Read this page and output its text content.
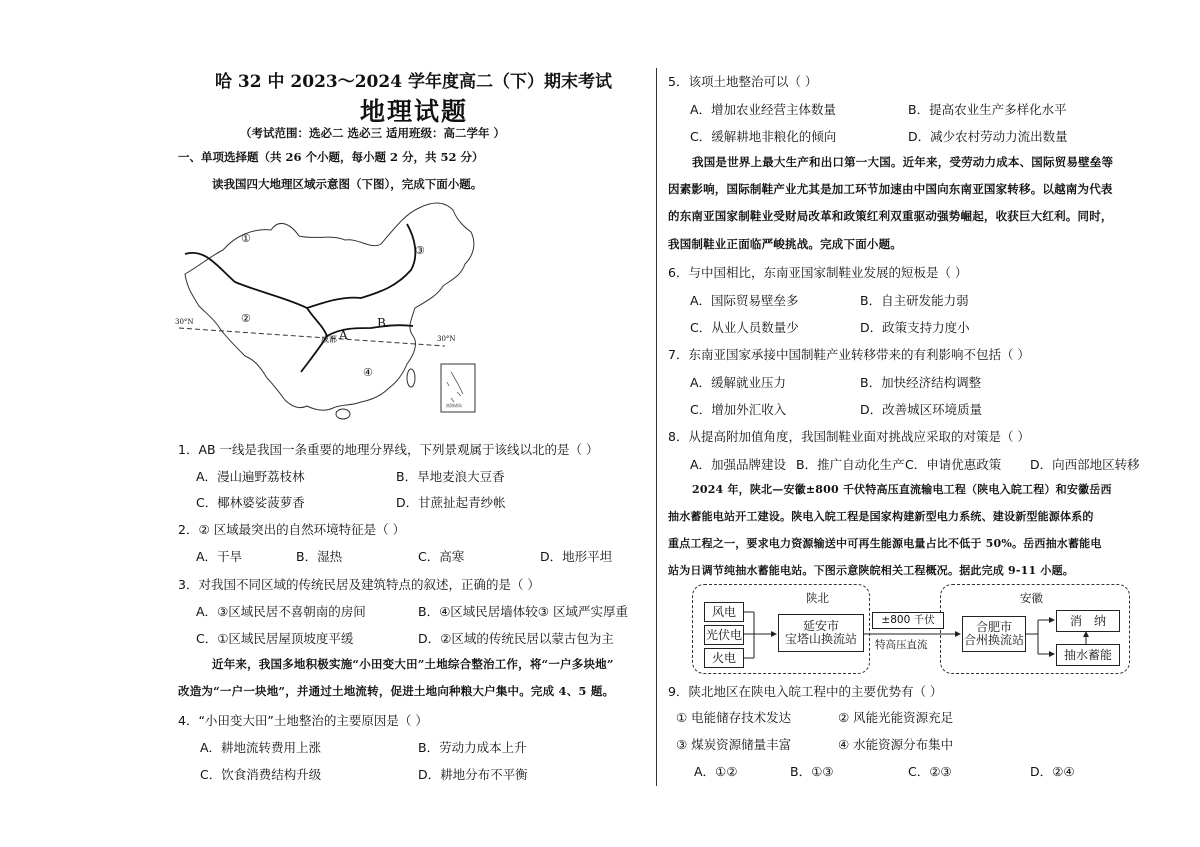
哈 32 中 2023～2024 学年度高二（下）期末考试
地理试题
（考试范围：选必二 选必三 适用班级：高二学年 ）
一、单项选择题（共 26 个小题，每小题 2 分，共 52 分）
读我国四大地理区域示意图（下图），完成下面小题。
①
②
③
④
A
B
30°N
30°N
成都
南海诸岛
1．AB 一线是我国一条重要的地理分界线，下列景观属于该线以北的是（ ）
A．漫山遍野荔枝林	B．旱地麦浪大豆香
C．椰林婆娑菠萝香	D．甘蔗扯起青纱帐
2．② 区域最突出的自然环境特征是（ ）
A．干旱	B．湿热	C．高寒	D．地形平坦
3．对我国不同区域的传统民居及建筑特点的叙述，正确的是（ ）
A．③区域民居不喜朝南的房间	B．④区域民居墙体较③ 区域严实厚重
C．①区域民居屋顶坡度平缓	D．②区域的传统民居以蒙古包为主
近年来，我国多地积极实施“小田变大田”土地综合整治工作，将“一户多块地”
改造为“一户一块地”，并通过土地流转，促进土地向种粮大户集中。完成 4、5 题。
4．“小田变大田”土地整治的主要原因是（ ）
A．耕地流转费用上涨	B．劳动力成本上升
C．饮食消费结构升级	D．耕地分布不平衡
5．该项土地整治可以（ ）
A．增加农业经营主体数量	B．提高农业生产多样化水平
C．缓解耕地非粮化的倾向	D．减少农村劳动力流出数量
我国是世界上最大生产和出口第一大国。近年来，受劳动力成本、国际贸易壁垒等
因素影响，国际制鞋产业尤其是加工环节加速由中国向东南亚国家转移。以越南为代表
的东南亚国家制鞋业受财局改革和政策红利双重驱动强势崛起，收获巨大红利。同时，
我国制鞋业正面临严峻挑战。完成下面小题。
6．与中国相比，东南亚国家制鞋业发展的短板是（ ）
A．国际贸易壁垒多	B．自主研发能力弱
C．从业人员数量少	D．政策支持力度小
7．东南亚国家承接中国制鞋产业转移带来的有利影响不包括（ ）
A．缓解就业压力	B．加快经济结构调整
C．增加外汇收入	D．改善城区环境质量
8．从提高附加值角度，我国制鞋业面对挑战应采取的对策是（ ）
A．加强品牌建设 B．推广自动化生产 C．申请优惠政策 D．向西部地区转移
2024 年，陕北—安徽±800 千伏特高压直流输电工程（陕电入皖工程）和安徽岳西
抽水蓄能电站开工建设。陕电入皖工程是国家构建新型电力系统、建设新型能源体系的
重点工程之一，要求电力资源输送中可再生能源电量占比不低于 50%。岳西抽水蓄能电
站为日调节纯抽水蓄能电站。下图示意陕皖相关工程概况。据此完成 9-11 小题。
陕北	安徽
风电
光伏电
火电
延安市
宝塔山换流站
±800 千伏
特高压直流
合肥市
合州换流站
消　纳
抽水蓄能
9．陕北地区在陕电入皖工程中的主要优势有（ ）
① 电能储存技术发达	② 风能光能资源充足
③ 煤炭资源储量丰富	④ 水能资源分布集中
A．①②	B．①③	C．②③	D．②④
